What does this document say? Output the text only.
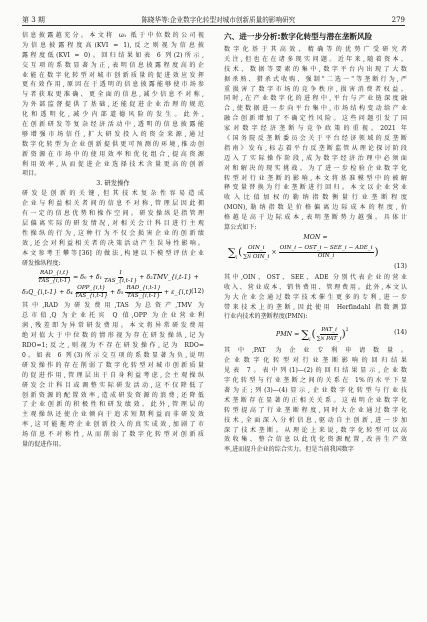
第 3 期	陈晓华等:企业数字化转型对城市创新质量的影响研究	279
信息披露越充分。本文将 ω₁ 抵于中位数的公司视
为信息披露程度高(KVI = 1),反之则视为信息披
露程度低(KVI = 0)。回归结果如表 6 列(2)所示,
交互项的系数显著为正,表明信息披露程度高的企
业能在数字化转型对城市创新质量的促进效应发挥
更有效作用,原因在于透明的信息披露能够使市场参
与者获取更准确、更全面的信息,减少信息不对称,
为外部监督提供了基础,还能促进企业治理的规范
化和透明化,减少内部道德风险的发生。此外,
在创新研发等复杂经济活动中,透明的信息披露能
够增强市场信任,扩大研发投入的资金来源,通过
数字化转型为企业创新提供更可预测的环境,推动创
新资源在市场中的使用效率和优化组合,提高资源
利用效率,从而促进企业选择技术含量更高的创新
项目。
3. 研发操作
研发是创新的关键,但其技术复杂性容易造成
企业与利益相关者间的信息不对称,管理层因此拥
有一定的信息优势和操作空间。研发操纵是指管理
层偏离实际的研发情况,对相关会计科目进行主观
性操纵的行为,这种行为不仅会损害企业的创新绩
效,还会对利益相关者的决策活动产生误导性影响。
本文参考王攀等[36] 的做法,构建以下模型评估企业
研发操纵程度:
$\frac{\text{RAD\_\{i,t\}}}{\text{TAS\_\{i,t-1\}}} = \delta_0 + \delta_1 \frac{1}{\text{TAS\_\{i,t-1\}}}$ + δ₂TMV_{i,t-1} +
δ₃Q_{i,t-1} + $\delta_4 \frac{\text{OPP\_\{i,t\}}}{\text{TAS\_\{i,t-1\}}} + \delta_5 \frac{\text{RAD\_\{i,t-1\}}}{\text{TAS\_\{i,t-1\}}}$ + ε_{i,t}
(12)
其中,RAD 为研发费用,TAS 为总资产,TMV 为
总市值,Q 为企业托宾 Q 值,OPP 为企业营业利
润,残差即为异常研发费用。本文将异常研发费用
绝对值大于中位数的情形视为存在研发操纵,记为
RDO=1;反之,则视为不存在研发操作,记为 RDO=
0。如表 6 列(3)所示交互项的系数显著为负,说明
研发操作的存在削弱了数字化转型对城市创新质量
的促进作用,管理层出于自身利益考虑,会主观操纵
研发会计科目或调整实际研发活动,这不仅降低了
创新资源的配置效率,造成研发资源的浪费,还降低
了企业创新的积极性和研发绩效。此外,管理层的
主观操纵还使企业倾向于追求短期利益而非研发效
率,这可能拖垮企业创新投入的真实成效,加剧了市
场信息不对称性,从而削弱了数字化转型对创新质
量的促进作用。
六、进一步分析:数字化转型与潜在垄断风险
数字化基于其高效、精确等的优势广受研究者
关注,但也在在诸多现实问题。近年来,随着资本、
技术、数据等要素的集中,数字平台内出现了大数
据杀熟、猎杀式收购、强制"二选一"等垄断行为,严
重损害了数字市场的竞争秩序,损害消费者权益。
同时,在产业数字化的进程中,平台与产业链深度融
合,使数据进一步向平台集中,市场结构变动给产业
融合创新增加了不确定性风险。这些问题引发了国
家对数字经济垄断与竞争政策的重视。2021 年
《国务院反垄断委员会关于平台经济领域的反垄断
指南》发布,标志着平台反垄断监管从理论探讨阶段
迈入了实际操作阶段,成为数字经济治理中必须面
对和解决的现实挑战。为了进一步检验企业数字化
转型对行业垄断的影响,本文将基准模型中的被解
释变量替换为行业垄断进行回归。本文以企业营业
收入比值加权的勒纳指数衡量行业垄断程度
(MON),勒纳指数是价格偏离边际成本的程度,价
格越是高于边际成本,表明垄断势力越强。具体计
算公式如下:
MON =
∑ i ( $\frac{\text{OIN\_i}}{\text{∑N OIN\_i}} \times \frac{\text{OIN\_i − OST\_i − SEE\_i − ADE\_i}}{\text{OIN\_i}}$ )
(13)
其中,OIN、OST、SEE、ADE 分别代表企业的营业
收入、营业成本、销售费用、管理费用。此外,本文认
为大企业会通过数字技术催生更多的专利,进一步
带来技术上的垄断,因此使用 Herfindahl 指数测算
行业内技术的垄断程度(PMN):
PMN = ∑ i ( $\frac{\text{PAT\_i}}{\text{∑N PAT\_i}}$ ) 2	(14)
其中,PAT 为企业专利申请数量。
企业数字化转型对行业垄断影响的回归结果
见表 7。表中列(1)—(2)的回归结果显示,企业数
字化转型与行业垄断之间的关系在 1%的水平下显
著为正;列(3)—(4)显示,企业数字化转型与行业技
术垄断存在显著的正相关关系。这表明企业数字化
转型提高了行业垄断程度,同时大企业通过数字化
技术,全面深入分析信息,驱动自主创新,进一步加
深了技术垄断。从理论上来说,数字化转型可以高
效收集、整合信息以此优化资源配置,改善生产效
率,进而提升企业的综合实力。但是当前我国数字
